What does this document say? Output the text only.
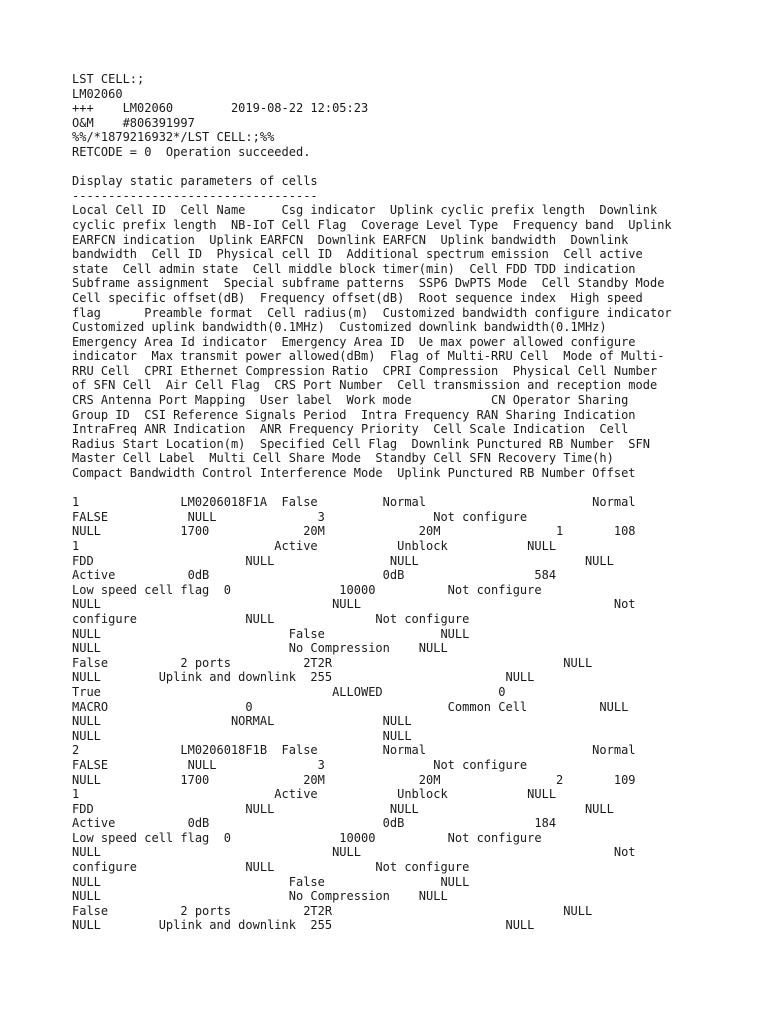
LST CELL:;
LM02060
+++    LM02060        2019-08-22 12:05:23
O&M    #806391997
%%/*1879216932*/LST CELL:;%%
RETCODE = 0  Operation succeeded.
Display static parameters of cells
----------------------------------
Local Cell ID  Cell Name     Csg indicator  Uplink cyclic prefix length  Downlink
cyclic prefix length  NB-IoT Cell Flag  Coverage Level Type  Frequency band  Uplink
EARFCN indication  Uplink EARFCN  Downlink EARFCN  Uplink bandwidth  Downlink
bandwidth  Cell ID  Physical cell ID  Additional spectrum emission  Cell active
state  Cell admin state  Cell middle block timer(min)  Cell FDD TDD indication
Subframe assignment  Special subframe patterns  SSP6 DwPTS Mode  Cell Standby Mode
Cell specific offset(dB)  Frequency offset(dB)  Root sequence index  High speed
flag      Preamble format  Cell radius(m)  Customized bandwidth configure indicator
Customized uplink bandwidth(0.1MHz)  Customized downlink bandwidth(0.1MHz)
Emergency Area Id indicator  Emergency Area ID  Ue max power allowed configure
indicator  Max transmit power allowed(dBm)  Flag of Multi-RRU Cell  Mode of Multi-
RRU Cell  CPRI Ethernet Compression Ratio  CPRI Compression  Physical Cell Number
of SFN Cell  Air Cell Flag  CRS Port Number  Cell transmission and reception mode
CRS Antenna Port Mapping  User label  Work mode           CN Operator Sharing
Group ID  CSI Reference Signals Period  Intra Frequency RAN Sharing Indication
IntraFreq ANR Indication  ANR Frequency Priority  Cell Scale Indication  Cell
Radius Start Location(m)  Specified Cell Flag  Downlink Punctured RB Number  SFN
Master Cell Label  Multi Cell Share Mode  Standby Cell SFN Recovery Time(h)
Compact Bandwidth Control Interference Mode  Uplink Punctured RB Number Offset
1              LM0206018F1A  False         Normal                       Normal
FALSE           NULL              3               Not configure
NULL           1700             20M             20M                1       108
1                           Active           Unblock           NULL
FDD                     NULL                NULL                       NULL
Active          0dB                        0dB                  584
Low speed cell flag  0               10000          Not configure
NULL                                NULL                                   Not
configure               NULL              Not configure
NULL                          False                NULL
NULL                          No Compression    NULL
False          2 ports          2T2R                                NULL
NULL        Uplink and downlink  255                        NULL
True                                ALLOWED                0
MACRO                   0                           Common Cell          NULL
NULL                  NORMAL               NULL
NULL                                       NULL
2              LM0206018F1B  False         Normal                       Normal
FALSE           NULL              3               Not configure
NULL           1700             20M             20M                2       109
1                           Active           Unblock           NULL
FDD                     NULL                NULL                       NULL
Active          0dB                        0dB                  184
Low speed cell flag  0               10000          Not configure
NULL                                NULL                                   Not
configure               NULL              Not configure
NULL                          False                NULL
NULL                          No Compression    NULL
False          2 ports          2T2R                                NULL
NULL        Uplink and downlink  255                        NULL
